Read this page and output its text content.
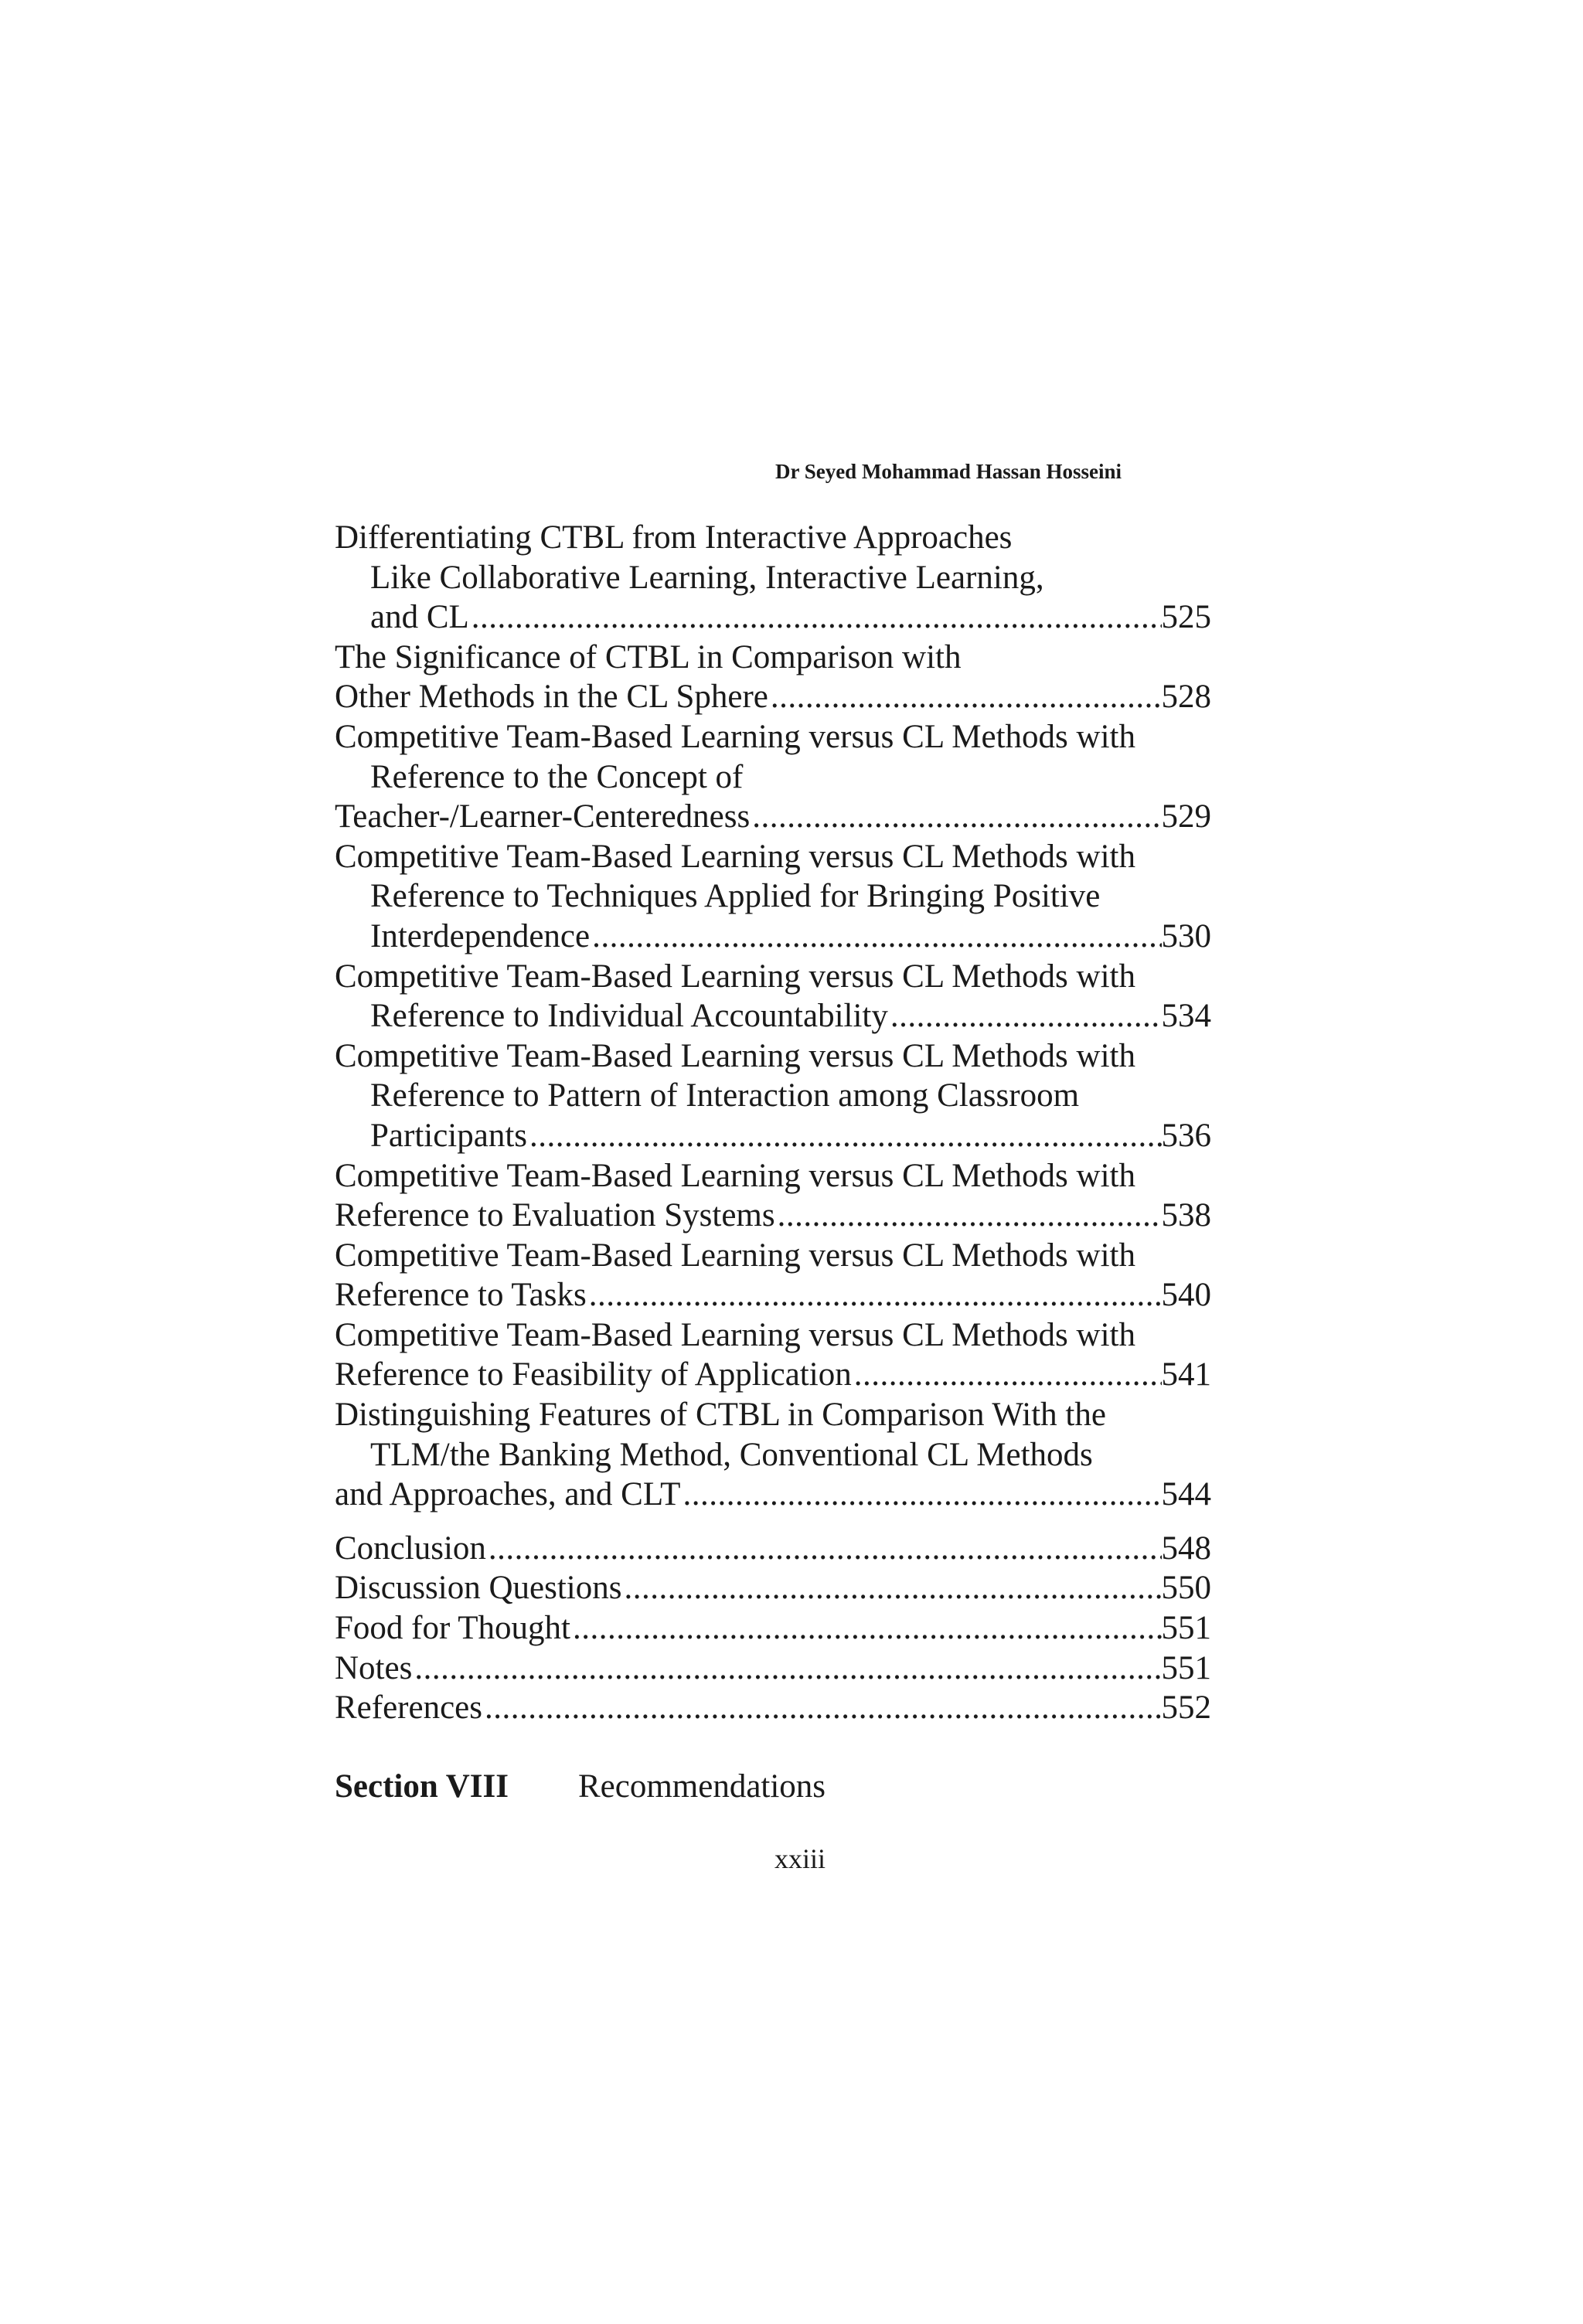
Dr Seyed Mohammad Hassan Hosseini
Differentiating CTBL from Interactive Approaches
Like Collaborative Learning, Interactive Learning,
and CL .....	525
The Significance of CTBL in Comparison with
Other Methods in the CL Sphere .....	528
Competitive Team-Based Learning versus CL Methods with
Reference to the Concept of
Teacher-/Learner-Centeredness .....	529
Competitive Team-Based Learning versus CL Methods with
Reference to Techniques Applied for Bringing Positive
Interdependence .....	530
Competitive Team-Based Learning versus CL Methods with
Reference to Individual Accountability .....	534
Competitive Team-Based Learning versus CL Methods with
Reference to Pattern of Interaction among Classroom
Participants .....	536
Competitive Team-Based Learning versus CL Methods with
Reference to Evaluation Systems .....	538
Competitive Team-Based Learning versus CL Methods with
Reference to Tasks .....	540
Competitive Team-Based Learning versus CL Methods with
Reference to Feasibility of Application .....	541
Distinguishing Features of CTBL in Comparison With the
TLM/the Banking Method, Conventional CL Methods
and Approaches, and CLT .....	544
Conclusion .....	548
Discussion Questions .....	550
Food for Thought .....	551
Notes .....	551
References .....	552
Section VIII Recommendations
xxiii
